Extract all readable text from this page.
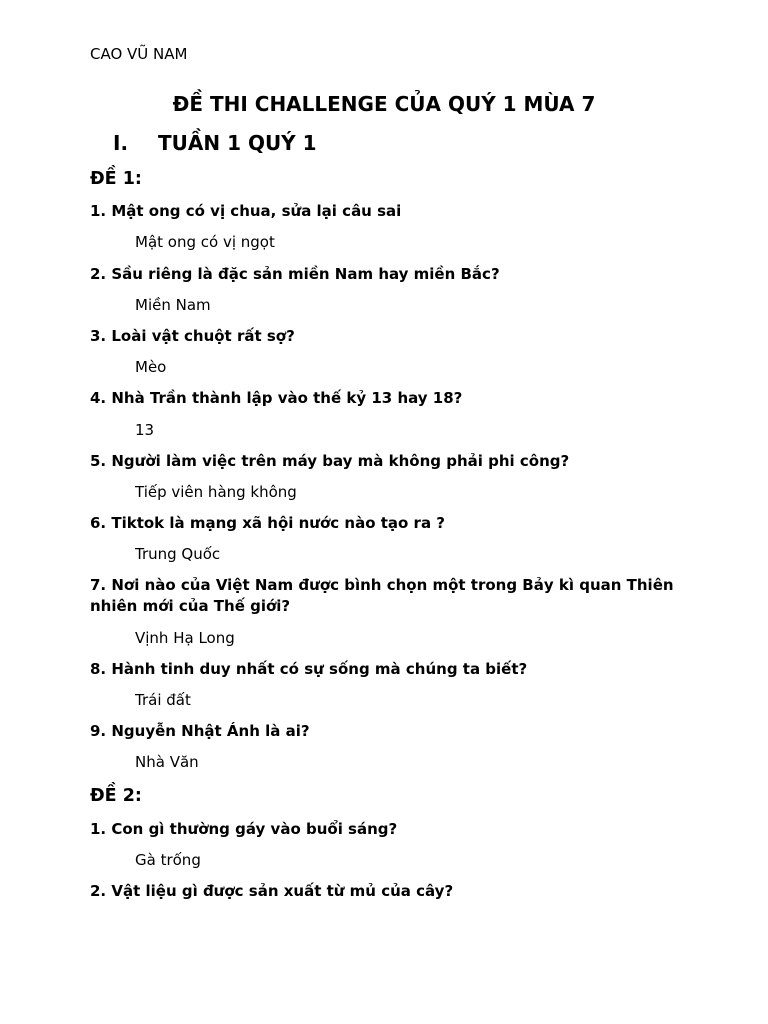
CAO VŨ NAM
ĐỀ THI CHALLENGE CỦA QUÝ 1 MÙA 7
I. TUẦN 1 QUÝ 1
ĐỀ 1:

1. Mật ong có vị chua, sửa lại câu sai

Mật ong có vị ngọt

2. Sầu riêng là đặc sản miền Nam hay miền Bắc?

Miền Nam

3. Loài vật chuột rất sợ?

Mèo

4. Nhà Trần thành lập vào thế kỷ 13 hay 18?

13

5. Người làm việc trên máy bay mà không phải phi công?

Tiếp viên hàng không

6. Tiktok là mạng xã hội nước nào tạo ra ?

Trung Quốc

7. Nơi nào của Việt Nam được bình chọn một trong Bảy kì quan Thiên nhiên mới của Thế giới?

Vịnh Hạ Long

8. Hành tinh duy nhất có sự sống mà chúng ta biết?

Trái đất

9. Nguyễn Nhật Ánh là ai?

Nhà Văn

ĐỀ 2:

1. Con gì thường gáy vào buổi sáng?

Gà trống

2. Vật liệu gì được sản xuất từ mủ của cây?
